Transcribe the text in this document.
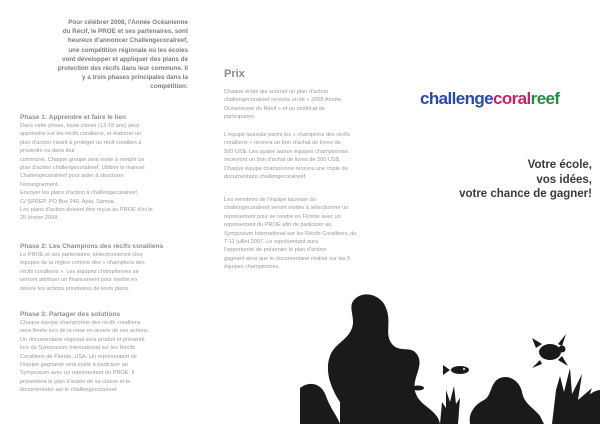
Pour célébrer 2008, l'Année Océanienne
du Récif, le PROE et ses partenaires, sont
heureux d'annoncer Challengecoralreef,
une compétition régionale où les écoles
vont développer et appliquer des plans de
protection des récifs dans leur commune. Il
y a trois phases principales dans la
compétition:

Phase 1: Apprendre et faire le lien

Dans cette phase, toute classe (13-18 ans) peut
apprendre sur les récifs coralliens, et élaborer un
plan d'action visant à protéger un récif corallien à
proximité ou dans leur
commune. Chaque groupe sera invité à remplir un
plan d'action challengecoralreef. Utiliser le manuel
Challengecoralreef pour aider à structurer
l'enseignement.
Envoyer les plans d'action à challengecoralreef,
C/-SPREP, PO Box 240, Apia, Samoa.
Les plans d'action doivent être reçus au PROE d'ici le
25 février 2008.

Phase 2: Les Champions des récifs coralliens

Le PROE et ses partenaires, sélectionneront cinq
équipes de la région comme des « champions des
récifs coralliens ». Les équipes championnes se
verront attribuer un financement pour mettre en
œuvre les actions prioritaires de leurs plans.

Phase 3: Partager des solutions

Chaque équipe championne des récifs coralliens
sera filmée lors de la mise en œuvre de ses actions.
Un documentaire régional sera produit et présenté
lors du Symposium International sur les Récifs
Coralliens de Floride, USA. Un représentant de
l'équipe gagnante sera invité à participer au
Symposium avec un représentant du PROE. Il
présentera le plan d'action de sa classe et le
documentaire sur le challengecoralreef.

Prix

Chaque école qui soumet un plan d'action
challengecoralreef recevra un kit « 2008 Année
Océanienne du Récif » et un certificat de
participation.

L'équipe lauréate parmi les « champions des récifs
coralliens » recevra un bon d'achat de livres de
500 US$. Les quatre autres équipes championnes
recevront un bon d'achat de livres de 200 US$.
Chaque équipe championne recevra une copie du
documentaire challengecoralreef.

Les membres de l'équipe lauréate du
challengecoralreef seront invités à sélectionner un
représentant pour se rendre en Floride avec un
représentant du PROE afin de participer au
Symposium International sur les Récifs Coralliens, du
7-11 juillet 2007. Le représentant aura
l'opportunité de présenter le plan d'action
gagnant ainsi que le documentaire réalisé sur les 5
équipes championnes.

challengecoralreef
Votre école,
vos idées,
votre chance de gagner!
